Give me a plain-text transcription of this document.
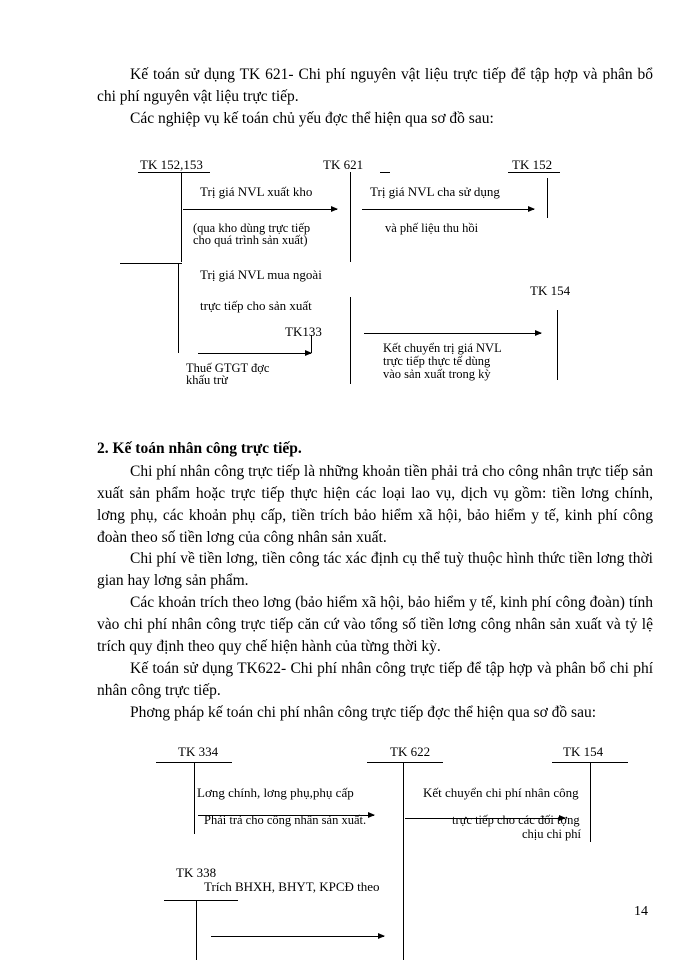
Kế toán sử dụng TK 621- Chi phí nguyên vật liệu trực tiếp để tập hợp và phân bổ chi phí nguyên vật liệu trực tiếp.

Các nghiệp vụ kế toán chủ yếu đợc thể hiện qua sơ đồ sau:

TK 152,153	TK 621	TK 152
Trị giá NVL xuất kho
(qua kho dùng trực tiếp
cho quá trình sản xuất)
Trị giá NVL cha sử dụng
và phế liệu thu hồi
Trị giá NVL mua ngoài
trực tiếp cho sản xuất
TK133
Thuế GTGT đợc
khấu trừ
TK 154
Kết chuyển trị giá NVL
trực tiếp thực tế dùng
vào sản xuất trong kỳ

2. Kế toán nhân công trực tiếp.

Chi phí nhân công trực tiếp là những khoản tiền phải trả cho công nhân trực tiếp sản xuất sản phẩm hoặc trực tiếp thực hiện các loại lao vụ, dịch vụ gồm: tiền lơng chính, lơng phụ, các khoản phụ cấp, tiền trích bảo hiểm xã hội, bảo hiểm y tế, kinh phí công đoàn theo số tiền lơng của công nhân sản xuất.

Chi phí về tiền lơng, tiền công tác xác định cụ thể tuỳ thuộc hình thức tiền lơng thời gian hay lơng sản phẩm.

Các khoản trích theo lơng (bảo hiểm xã hội, bảo hiểm y tế, kinh phí công đoàn) tính vào chi phí nhân công trực tiếp căn cứ vào tổng số tiền lơng công nhân sản xuất và tỷ lệ trích quy định theo quy chế hiện hành của từng thời kỳ.

Kế toán sử dụng TK622- Chi phí nhân công trực tiếp để tập hợp và phân bổ chi phí nhân công trực tiếp.

Phơng pháp kế toán chi phí nhân công trực tiếp đợc thể hiện qua sơ đồ sau:

TK 334	TK 622	TK 154
Lơng chính, lơng phụ,phụ cấp
Phải trả cho công nhân sản xuất.
Kết chuyển chi phí nhân công
trực tiếp cho các đối tợng
chịu chi phí
TK 338
Trích BHXH, BHYT, KPCĐ theo
14
